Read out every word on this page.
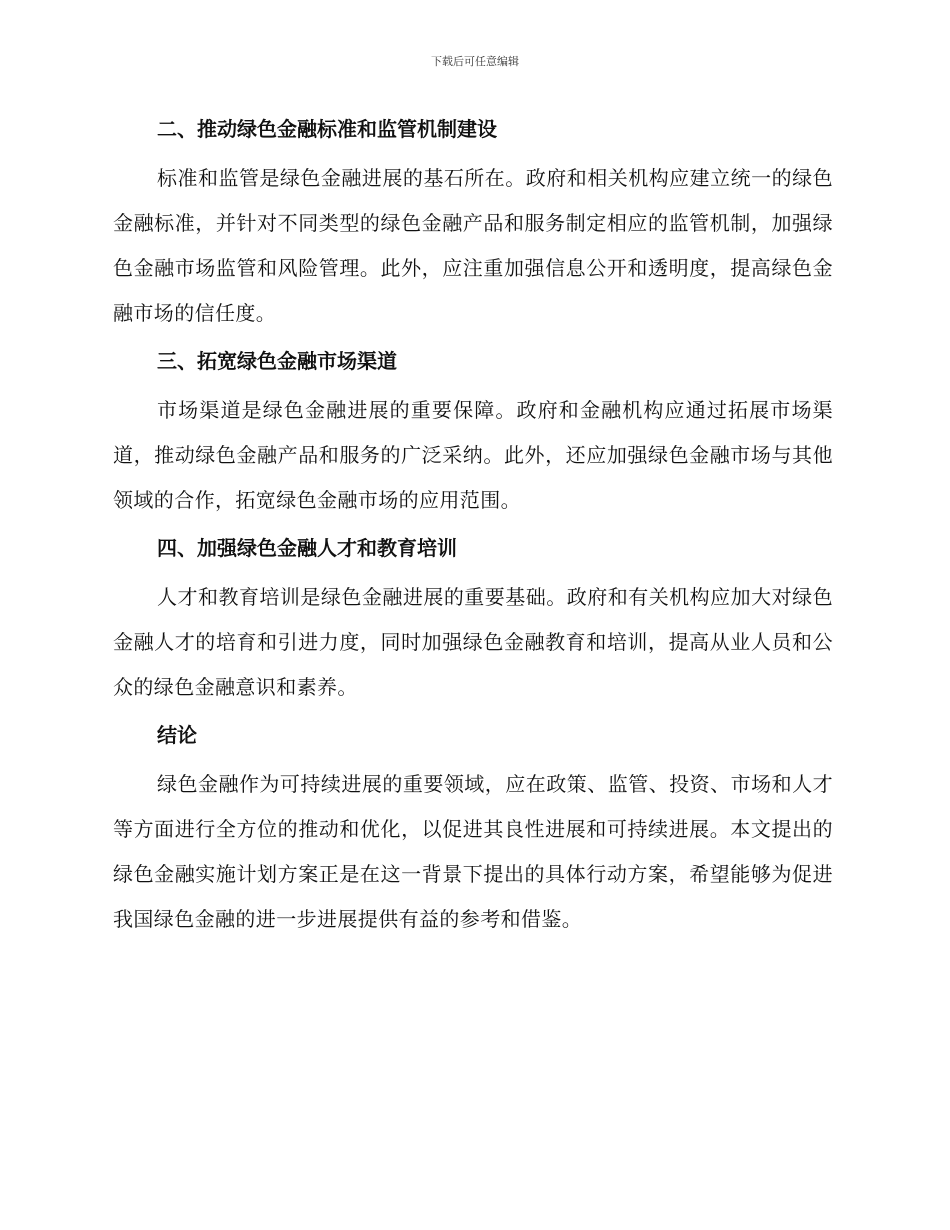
下载后可任意编辑
二、推动绿色金融标准和监管机制建设

标准和监管是绿色金融进展的基石所在。政府和相关机构应建立统一的绿色金融标准，并针对不同类型的绿色金融产品和服务制定相应的监管机制，加强绿色金融市场监管和风险管理。此外，应注重加强信息公开和透明度，提高绿色金融市场的信任度。

三、拓宽绿色金融市场渠道

市场渠道是绿色金融进展的重要保障。政府和金融机构应通过拓展市场渠道，推动绿色金融产品和服务的广泛采纳。此外，还应加强绿色金融市场与其他领域的合作，拓宽绿色金融市场的应用范围。

四、加强绿色金融人才和教育培训

人才和教育培训是绿色金融进展的重要基础。政府和有关机构应加大对绿色金融人才的培育和引进力度，同时加强绿色金融教育和培训，提高从业人员和公众的绿色金融意识和素养。

结论

绿色金融作为可持续进展的重要领域，应在政策、监管、投资、市场和人才等方面进行全方位的推动和优化，以促进其良性进展和可持续进展。本文提出的绿色金融实施计划方案正是在这一背景下提出的具体行动方案，希望能够为促进我国绿色金融的进一步进展提供有益的参考和借鉴。
